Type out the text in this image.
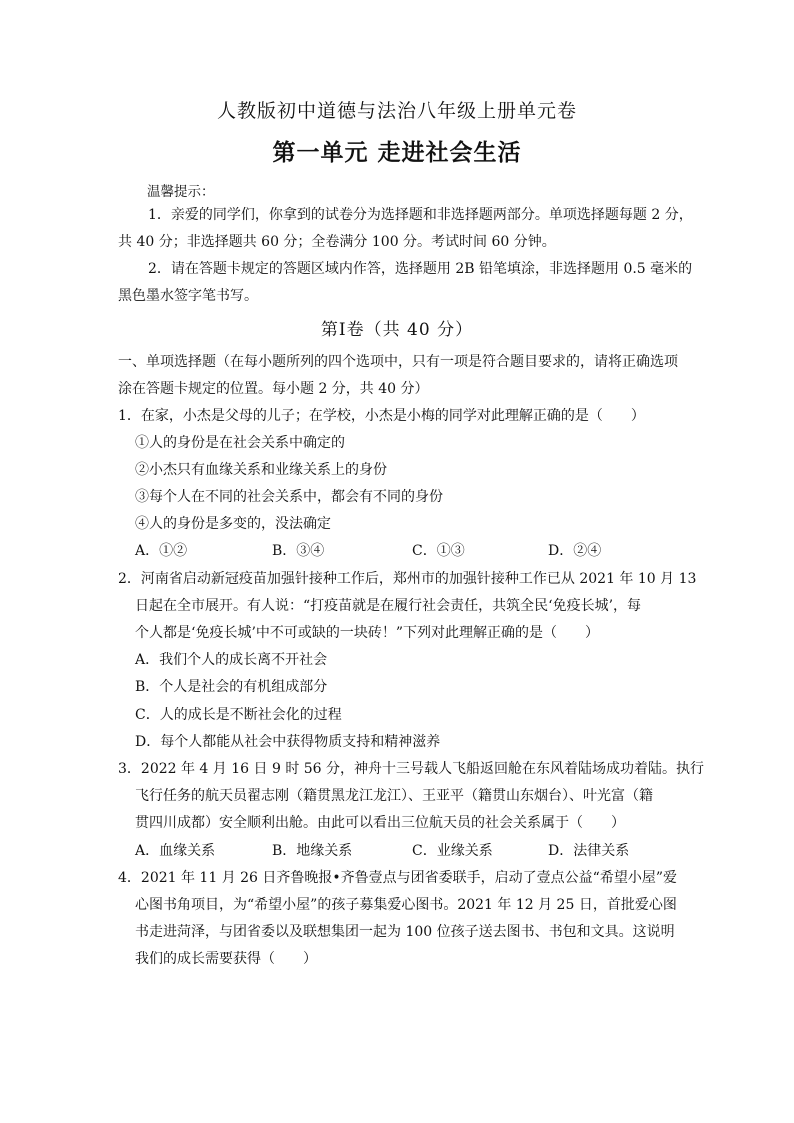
人教版初中道德与法治八年级上册单元卷
第一单元 走进社会生活
温馨提示：
1．亲爱的同学们，你拿到的试卷分为选择题和非选择题两部分。单项选择题每题 2 分，
共 40 分；非选择题共 60 分；全卷满分 100 分。考试时间 60 分钟。
2．请在答题卡规定的答题区域内作答，选择题用 2B 铅笔填涂，非选择题用 0.5 毫米的
黑色墨水签字笔书写。
第Ⅰ卷（共 40 分）
一、单项选择题（在每小题所列的四个选项中，只有一项是符合题目要求的，请将正确选项
涂在答题卡规定的位置。每小题 2 分，共 40 分）
1．在家，小杰是父母的儿子；在学校，小杰是小梅的同学对此理解正确的是（　　）
①人的身份是在社会关系中确定的
②小杰只有血缘关系和业缘关系上的身份
③每个人在不同的社会关系中，都会有不同的身份
④人的身份是多变的，没法确定
A．①②	B．③④	C．①③	D．②④
2．河南省启动新冠疫苗加强针接种工作后，郑州市的加强针接种工作已从 2021 年 10 月 13
日起在全市展开。有人说：“打疫苗就是在履行社会责任，共筑全民‘免疫长城’，每
个人都是‘免疫长城’中不可或缺的一块砖！”下列对此理解正确的是（　　）
A．我们个人的成长离不开社会
B．个人是社会的有机组成部分
C．人的成长是不断社会化的过程
D．每个人都能从社会中获得物质支持和精神滋养
3．2022 年 4 月 16 日 9 时 56 分，神舟十三号载人飞船返回舱在东风着陆场成功着陆。执行
飞行任务的航天员翟志刚（籍贯黑龙江龙江）、王亚平（籍贯山东烟台）、叶光富（籍
贯四川成都）安全顺利出舱。由此可以看出三位航天员的社会关系属于（　　）
A．血缘关系	B．地缘关系	C．业缘关系	D．法律关系
4．2021 年 11 月 26 日齐鲁晚报•齐鲁壹点与团省委联手，启动了壹点公益“希望小屋”爱
心图书角项目，为“希望小屋”的孩子募集爱心图书。2021 年 12 月 25 日，首批爱心图
书走进菏泽，与团省委以及联想集团一起为 100 位孩子送去图书、书包和文具。这说明
我们的成长需要获得（　　）
